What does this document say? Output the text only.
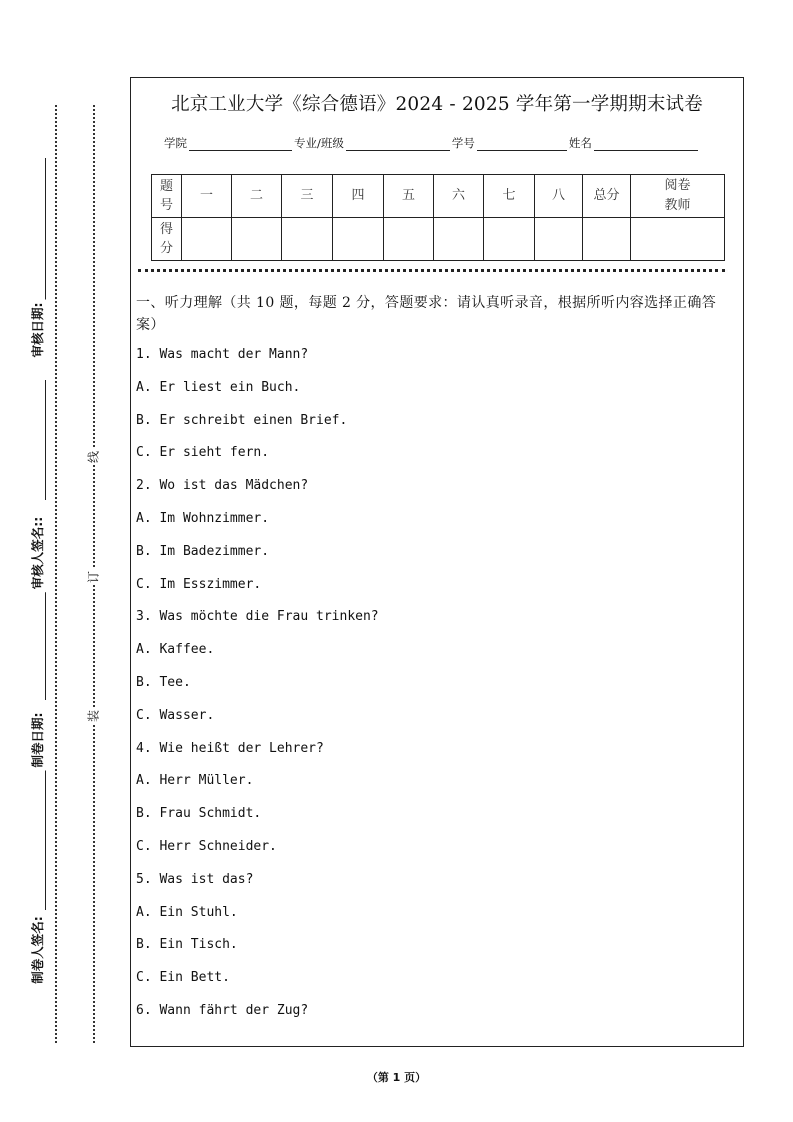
审核日期:
审核人签名::
制卷日期:
制卷人签名:
线
订
装
北京工业大学《综合德语》2024 - 2025 学年第一学期期末试卷
学院	专业/班级	学号	姓名
题号	一	二	三	四	五	六	七	八	总分	阅卷教师
得分										
一、听力理解（共 10 题，每题 2 分，答题要求：请认真听录音，根据所听内容选择正确答案）
1. Was macht der Mann?
A. Er liest ein Buch.
B. Er schreibt einen Brief.
C. Er sieht fern.
2. Wo ist das Mädchen?
A. Im Wohnzimmer.
B. Im Badezimmer.
C. Im Esszimmer.
3. Was möchte die Frau trinken?
A. Kaffee.
B. Tee.
C. Wasser.
4. Wie heißt der Lehrer?
A. Herr Müller.
B. Frau Schmidt.
C. Herr Schneider.
5. Was ist das?
A. Ein Stuhl.
B. Ein Tisch.
C. Ein Bett.
6. Wann fährt der Zug?
（第 1 页）
